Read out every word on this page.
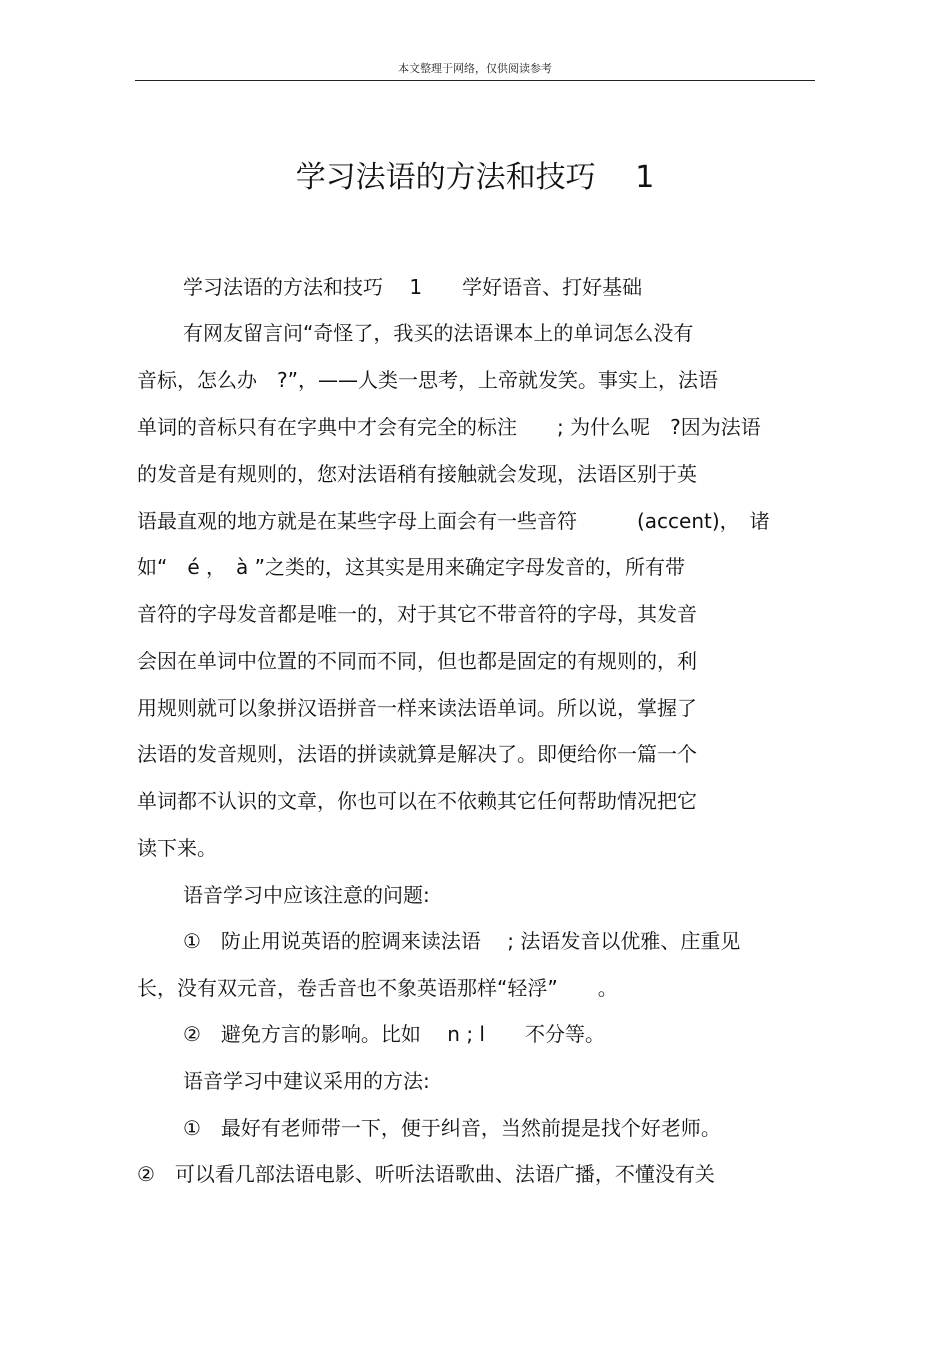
本文整理于网络，仅供阅读参考
学习法语的方法和技巧　 1
学习法语的方法和技巧　 1　　学好语音、打好基础
有网友留言问“奇怪了，我买的法语课本上的单词怎么没有
音标，怎么办　?”，——人类一思考，上帝就发笑。事实上，法语
单词的音标只有在字典中才会有完全的标注　　; 为什么呢　?因为法语
的发音是有规则的，您对法语稍有接触就会发现，法语区别于英
语最直观的地方就是在某些字母上面会有一些音符　　　(accent)，　诸
如“　é ，　à ”之类的，这其实是用来确定字母发音的，所有带
音符的字母发音都是唯一的，对于其它不带音符的字母，其发音
会因在单词中位置的不同而不同，但也都是固定的有规则的，利
用规则就可以象拼汉语拼音一样来读法语单词。所以说，掌握了
法语的发音规则，法语的拼读就算是解决了。即便给你一篇一个
单词都不认识的文章，你也可以在不依赖其它任何帮助情况把它
读下来。
语音学习中应该注意的问题:
①　防止用说英语的腔调来读法语　 ; 法语发音以优雅、庄重见
长，没有双元音，卷舌音也不象英语那样“轻浮”　　。
②　避免方言的影响。比如　 n ; l　　不分等。
语音学习中建议采用的方法:
①　最好有老师带一下，便于纠音，当然前提是找个好老师。
②　可以看几部法语电影、听听法语歌曲、法语广播，不懂没有关
